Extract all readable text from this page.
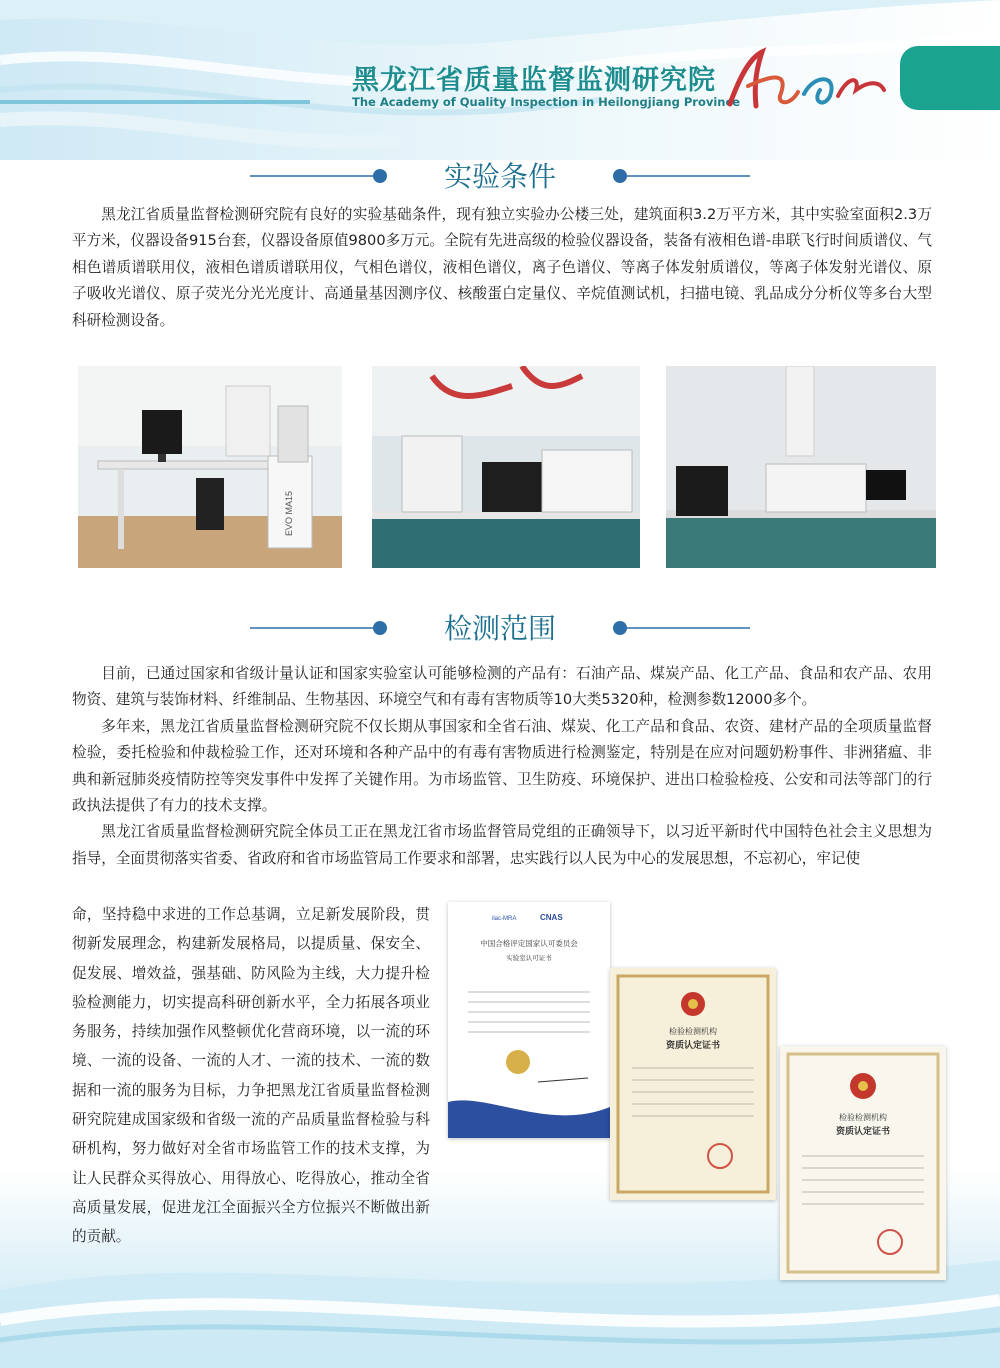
黑龙江省质量监督监测研究院
The Academy of Quality Inspection in Heilongjiang Province
实验条件

黑龙江省质量监督检测研究院有良好的实验基础条件，现有独立实验办公楼三处，建筑面积3.2万平方米，其中实验室面积2.3万平方米，仪器设备915台套，仪器设备原值9800多万元。全院有先进高级的检验仪器设备，装备有液相色谱-串联飞行时间质谱仪、气相色谱质谱联用仪，液相色谱质谱联用仪，气相色谱仪，液相色谱仪，离子色谱仪、等离子体发射质谱仪，等离子体发射光谱仪、原子吸收光谱仪、原子荧光分光光度计、高通量基因测序仪、核酸蛋白定量仪、辛烷值测试机，扫描电镜、乳品成分分析仪等多台大型科研检测设备。

EVO MA15
检测范围

目前，已通过国家和省级计量认证和国家实验室认可能够检测的产品有：石油产品、煤炭产品、化工产品、食品和农产品、农用物资、建筑与装饰材料、纤维制品、生物基因、环境空气和有毒有害物质等10大类5320种，检测参数12000多个。

多年来，黑龙江省质量监督检测研究院不仅长期从事国家和全省石油、煤炭、化工产品和食品、农资、建材产品的全项质量监督检验，委托检验和仲裁检验工作，还对环境和各种产品中的有毒有害物质进行检测鉴定，特别是在应对问题奶粉事件、非洲猪瘟、非典和新冠肺炎疫情防控等突发事件中发挥了关键作用。为市场监管、卫生防疫、环境保护、进出口检验检疫、公安和司法等部门的行政执法提供了有力的技术支撑。

黑龙江省质量监督检测研究院全体员工正在黑龙江省市场监督管局党组的正确领导下，以习近平新时代中国特色社会主义思想为指导，全面贯彻落实省委、省政府和省市场监管局工作要求和部署，忠实践行以人民为中心的发展思想，不忘初心，牢记使

命，坚持稳中求进的工作总基调，立足新发展阶段，贯彻新发展理念，构建新发展格局，以提质量、保安全、促发展、增效益，强基础、防风险为主线，大力提升检验检测能力，切实提高科研创新水平，全力拓展各项业务服务，持续加强作风整顿优化营商环境，以一流的环境、一流的设备、一流的人才、一流的技术、一流的数据和一流的服务为目标，力争把黑龙江省质量监督检测研究院建成国家级和省级一流的产品质量监督检验与科研机构，努力做好对全省市场监管工作的技术支撑，为让人民群众买得放心、用得放心、吃得放心，推动全省高质量发展，促进龙江全面振兴全方位振兴不断做出新的贡献。

ilac-MRA	CNAS
中国合格评定国家认可委员会
实验室认可证书
检验检测机构
资质认定证书
检验检测机构
资质认定证书
